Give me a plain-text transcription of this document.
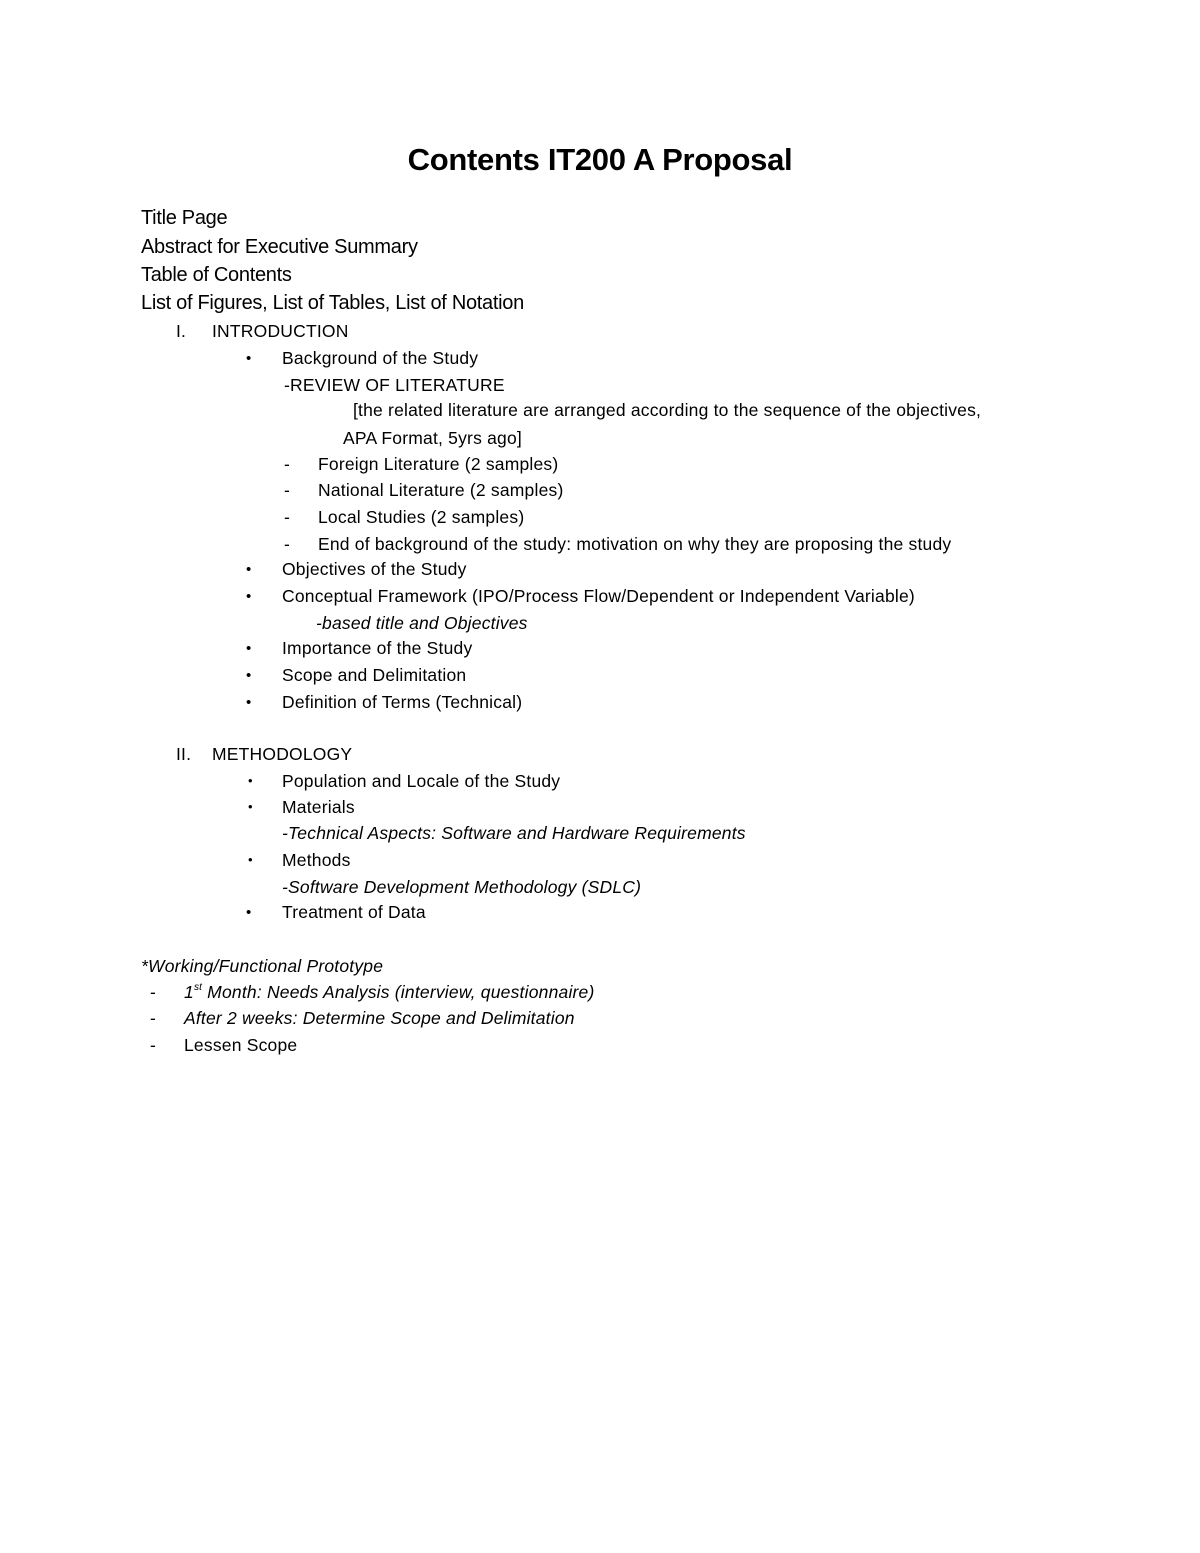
Contents IT200 A Proposal
Title Page
Abstract for Executive Summary
Table of Contents
List of Figures, List of Tables, List of Notation
I. INTRODUCTION
• Background of the Study
-REVIEW OF LITERATURE
[the related literature are arranged according to the sequence of the objectives,
APA Format, 5yrs ago]
- Foreign Literature (2 samples)
- National Literature (2 samples)
- Local Studies (2 samples)
- End of background of the study: motivation on why they are proposing the study
• Objectives of the Study
• Conceptual Framework (IPO/Process Flow/Dependent or Independent Variable)
-based title and Objectives
• Importance of the Study
• Scope and Delimitation
• Definition of Terms (Technical)
II. METHODOLOGY
• Population and Locale of the Study
• Materials
-Technical Aspects: Software and Hardware Requirements
• Methods
-Software Development Methodology (SDLC)
• Treatment of Data
*Working/Functional Prototype
- 1st Month: Needs Analysis (interview, questionnaire)
- After 2 weeks: Determine Scope and Delimitation
- Lessen Scope
